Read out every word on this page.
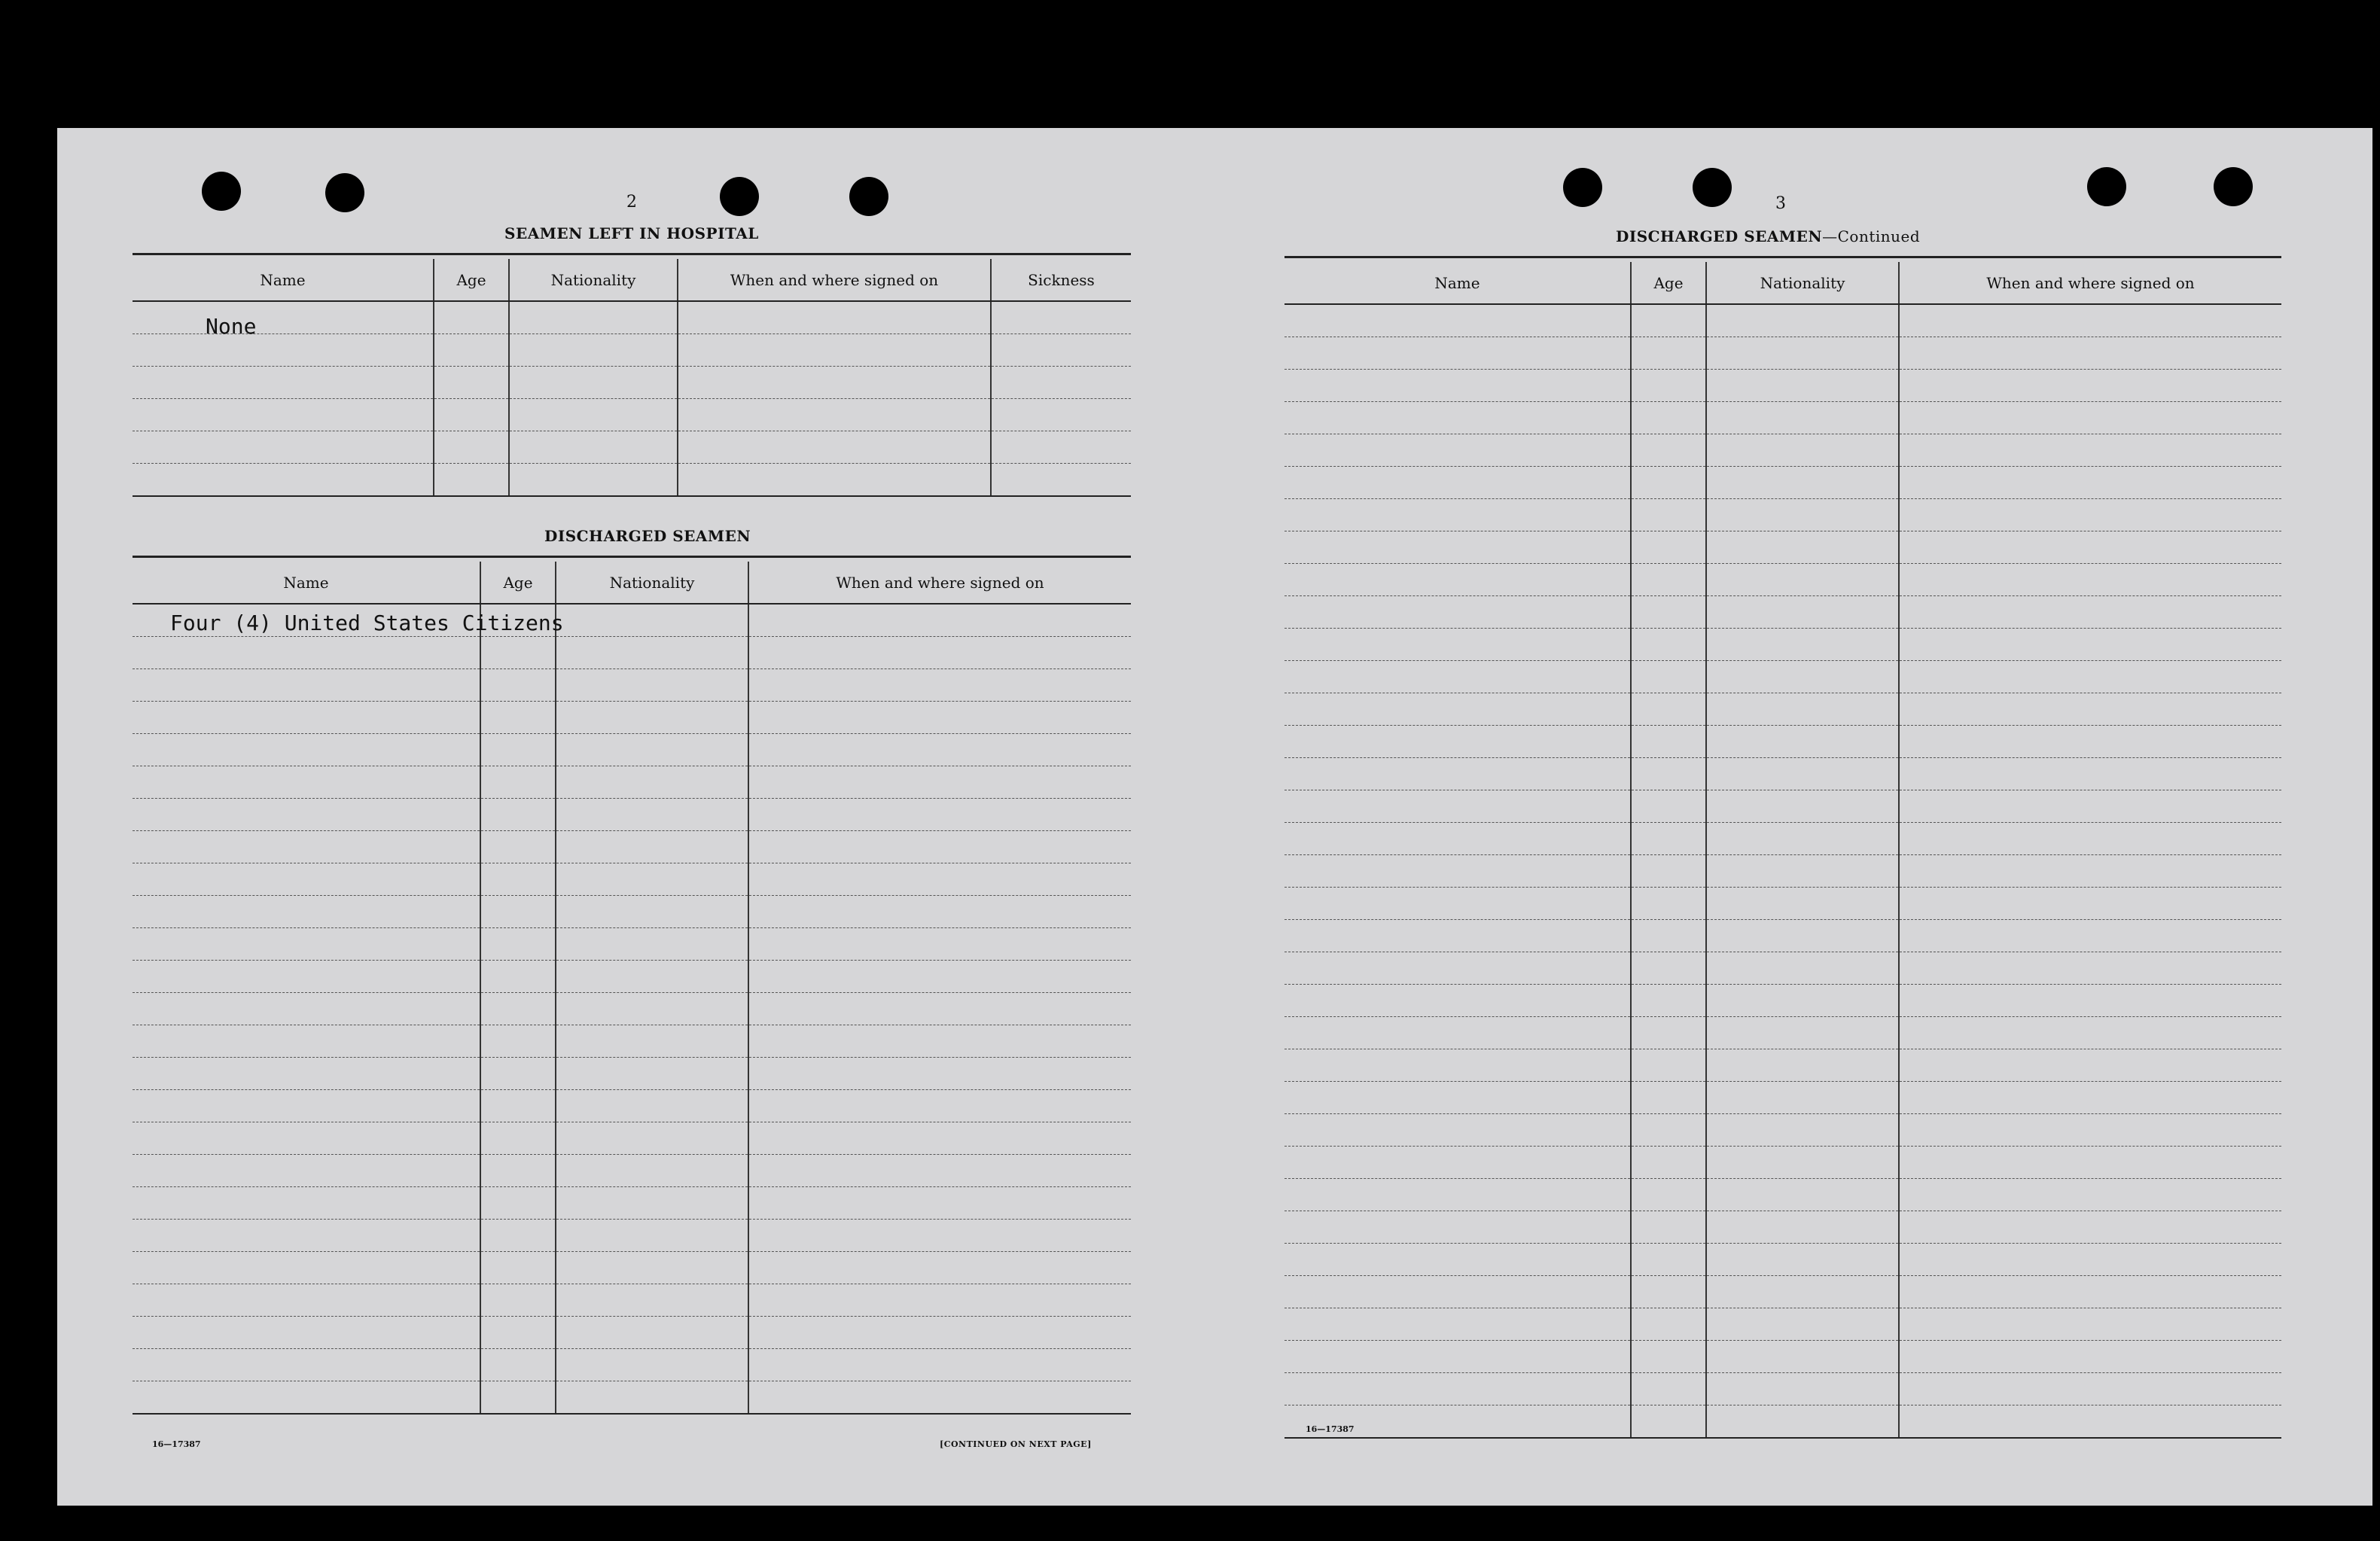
2
SEAMEN LEFT IN HOSPITAL
Name	Age	Nationality	When and where signed on	Sickness

None
DISCHARGED SEAMEN
Name	Age	Nationality	When and where signed on

Four (4) United States Citizens
16—17387	[CONTINUED ON NEXT PAGE]
3
DISCHARGED SEAMEN—Continued
Name	Age	Nationality	When and where signed on

16—17387
